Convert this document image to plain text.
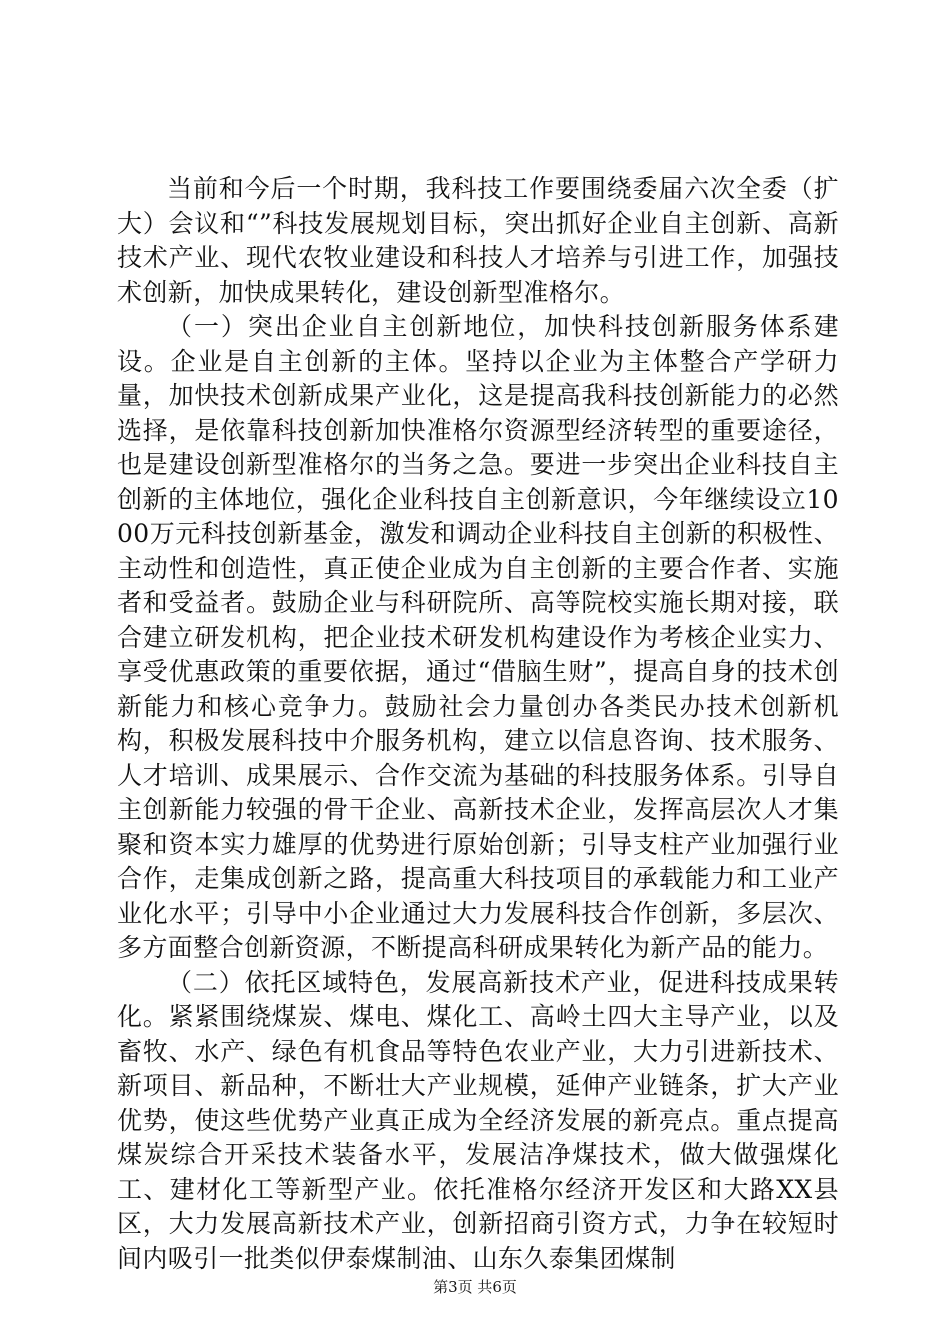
当前和今后一个时期，我科技工作要围绕委届六次全委（扩大）会议和“”科技发展规划目标，突出抓好企业自主创新、高新技术产业、现代农牧业建设和科技人才培养与引进工作，加强技术创新，加快成果转化，建设创新型准格尔。

（一）突出企业自主创新地位，加快科技创新服务体系建设。企业是自主创新的主体。坚持以企业为主体整合产学研力量，加快技术创新成果产业化，这是提高我科技创新能力的必然选择，是依靠科技创新加快准格尔资源型经济转型的重要途径，也是建设创新型准格尔的当务之急。要进一步突出企业科技自主创新的主体地位，强化企业科技自主创新意识，今年继续设立1000万元科技创新基金，激发和调动企业科技自主创新的积极性、主动性和创造性，真正使企业成为自主创新的主要合作者、实施者和受益者。鼓励企业与科研院所、高等院校实施长期对接，联合建立研发机构，把企业技术研发机构建设作为考核企业实力、享受优惠政策的重要依据，通过“借脑生财”，提高自身的技术创新能力和核心竞争力。鼓励社会力量创办各类民办技术创新机构，积极发展科技中介服务机构，建立以信息咨询、技术服务、人才培训、成果展示、合作交流为基础的科技服务体系。引导自主创新能力较强的骨干企业、高新技术企业，发挥高层次人才集聚和资本实力雄厚的优势进行原始创新；引导支柱产业加强行业合作，走集成创新之路，提高重大科技项目的承载能力和工业产业化水平；引导中小企业通过大力发展科技合作创新，多层次、多方面整合创新资源，不断提高科研成果转化为新产品的能力。

（二）依托区域特色，发展高新技术产业，促进科技成果转化。紧紧围绕煤炭、煤电、煤化工、高岭土四大主导产业，以及畜牧、水产、绿色有机食品等特色农业产业，大力引进新技术、新项目、新品种，不断壮大产业规模，延伸产业链条，扩大产业优势，使这些优势产业真正成为全经济发展的新亮点。重点提高煤炭综合开采技术装备水平，发展洁净煤技术，做大做强煤化工、建材化工等新型产业。依托准格尔经济开发区和大路XX县区，大力发展高新技术产业，创新招商引资方式，力争在较短时间内吸引一批类似伊泰煤制油、山东久泰集团煤制

第3页 共6页
